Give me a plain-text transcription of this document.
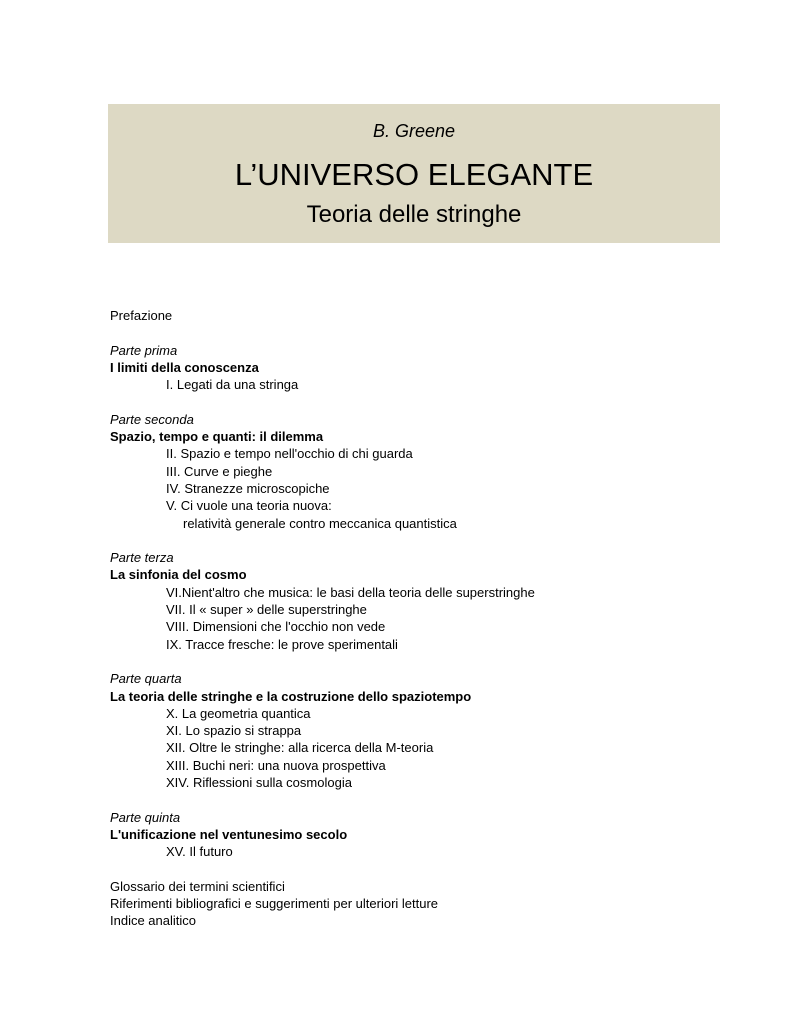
B. Greene
L’UNIVERSO ELEGANTE
Teoria delle stringhe
Prefazione
Parte prima
I limiti della conoscenza
I. Legati da una stringa
Parte seconda
Spazio, tempo e quanti: il dilemma
II. Spazio e tempo nell'occhio di chi guarda
III. Curve e pieghe
IV. Stranezze microscopiche
V. Ci vuole una teoria nuova:
relatività generale contro meccanica quantistica
Parte terza
La sinfonia del cosmo
VI.Nient'altro che musica: le basi della teoria delle superstringhe
VII. Il « super » delle superstringhe
VIII. Dimensioni che l'occhio non vede
IX. Tracce fresche: le prove sperimentali
Parte quarta
La teoria delle stringhe e la costruzione dello spaziotempo
X. La geometria quantica
XI. Lo spazio si strappa
XII. Oltre le stringhe: alla ricerca della M-teoria
XIII. Buchi neri: una nuova prospettiva
XIV. Riflessioni sulla cosmologia
Parte quinta
L'unificazione nel ventunesimo secolo
XV. Il futuro
Glossario dei termini scientifici
Riferimenti bibliografici e suggerimenti per ulteriori letture
Indice analitico
